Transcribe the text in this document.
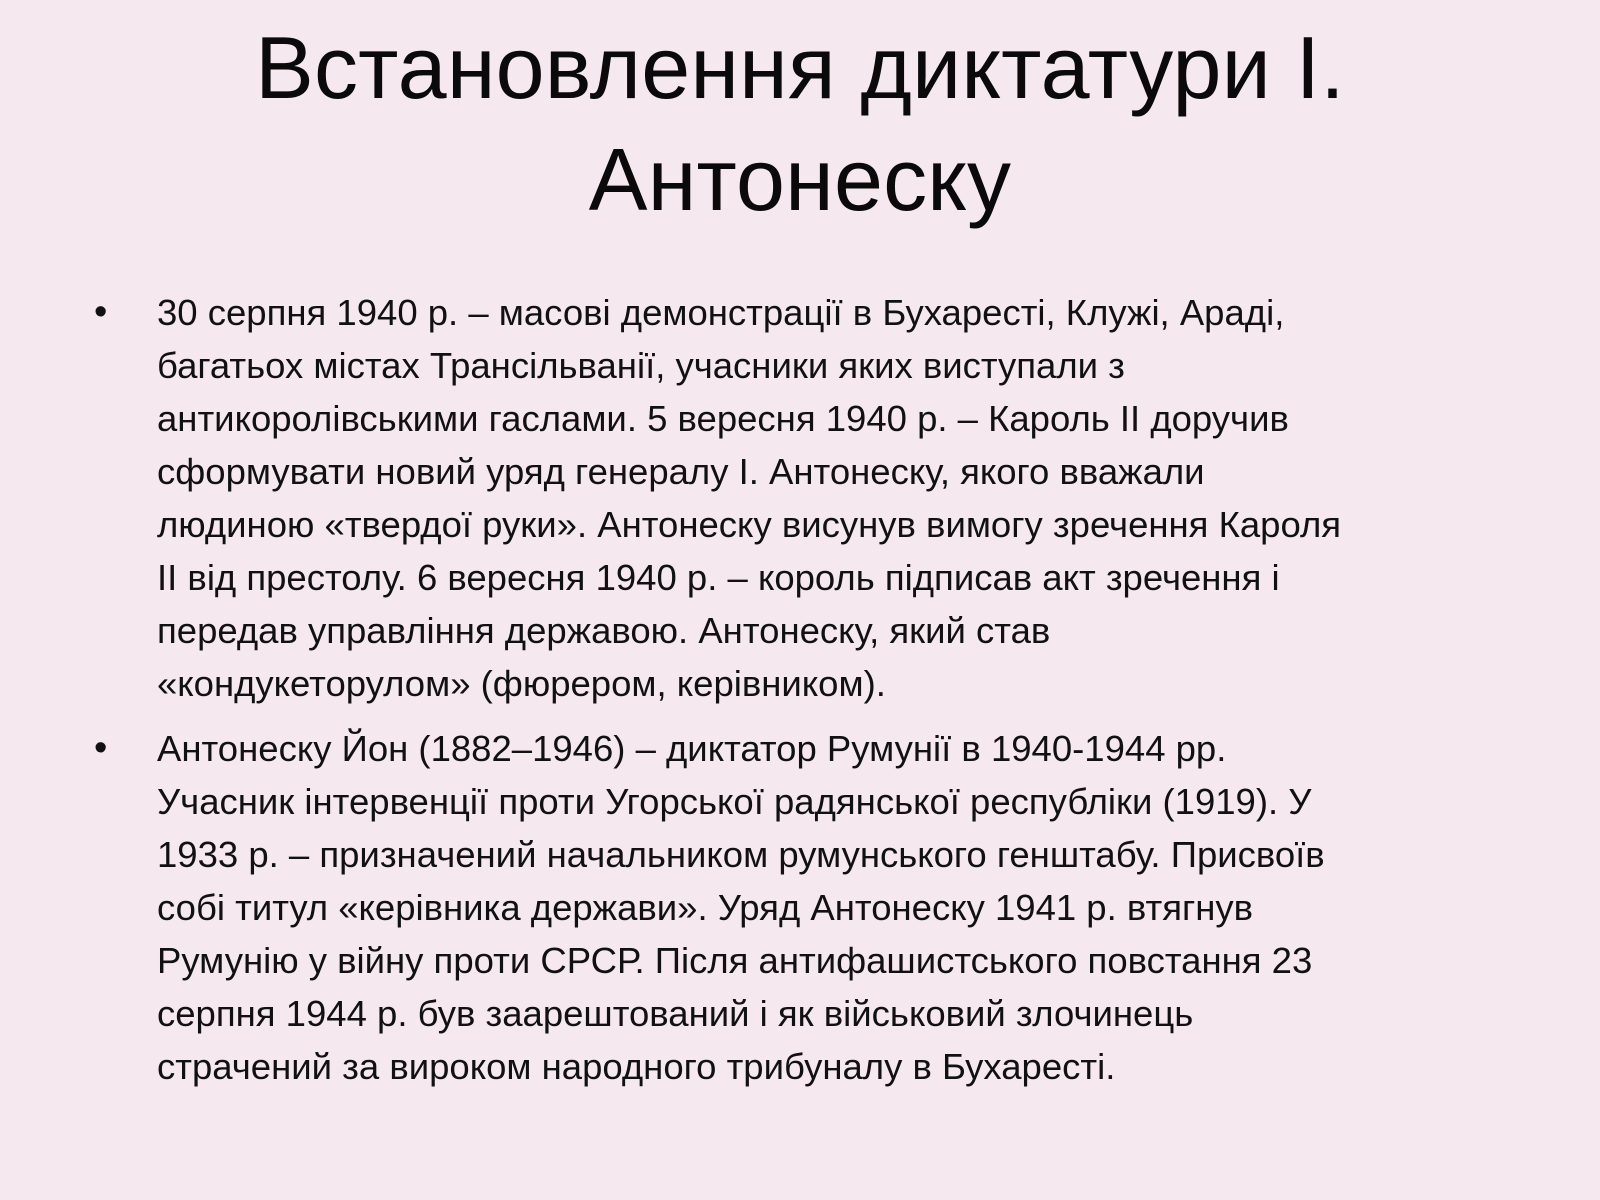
Встановлення диктатури І.
Антонеску
• 30 серпня 1940 р. – масові демонстрації в Бухаресті, Клужі, Араді,
багатьох містах Трансільванії, учасники яких виступали з
антикоролівськими гаслами. 5 вересня 1940 р. – Кароль ІІ доручив
сформувати новий уряд генералу І. Антонеску, якого вважали
людиною «твердої руки». Антонеску висунув вимогу зречення Кароля
ІІ від престолу. 6 вересня 1940 р. – король підписав акт зречення і
передав управління державою. Антонеску, який став
«кондукеторулом» (фюрером, керівником).
• Антонеску Йон (1882–1946) – диктатор Румунії в 1940-1944 рр.
Учасник інтервенції проти Угорської радянської республіки (1919). У
1933 р. – призначений начальником румунського генштабу. Присвоїв
собі титул «керівника держави». Уряд Антонеску 1941 р. втягнув
Румунію у війну проти СРСР. Після антифашистського повстання 23
серпня 1944 р. був заарештований і як військовий злочинець
страчений за вироком народного трибуналу в Бухаресті.
